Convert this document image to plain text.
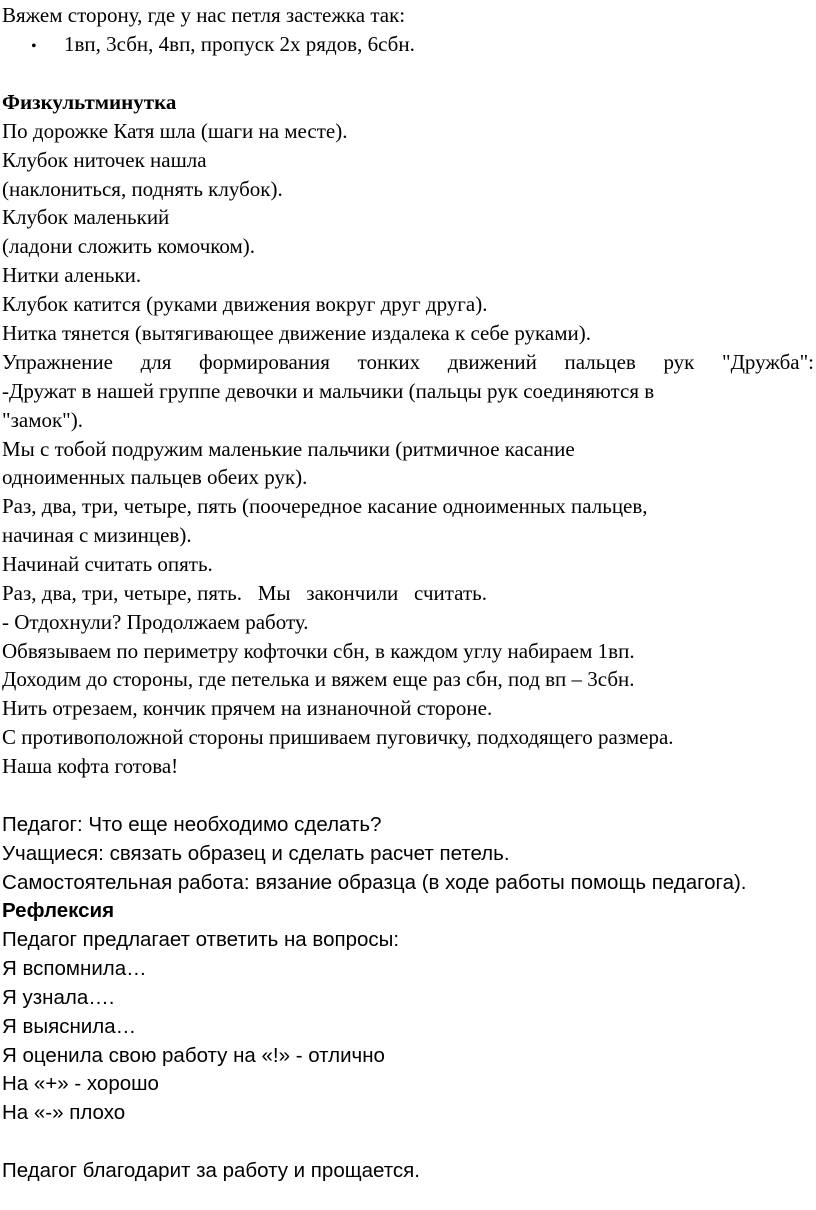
Вяжем сторону, где у нас петля застежка так:
• 1вп, 3сбн, 4вп, пропуск 2х рядов, 6сбн.
Физкультминутка
По дорожке Катя шла (шаги на месте).
Клубок ниточек нашла
(наклониться, поднять клубок).
Клубок маленький
(ладони сложить комочком).
Нитки аленьки.
Клубок катится (руками движения вокруг друг друга).
Нитка тянется (вытягивающее движение издалека к себе руками).
Упражнение для формирования тонких движений пальцев рук "Дружба":
-Дружат в нашей группе девочки и мальчики (пальцы рук соединяются в
"замок").
Мы с тобой подружим маленькие пальчики (ритмичное касание
одноименных пальцев обеих рук).
Раз, два, три, четыре, пять (поочередное касание одноименных пальцев,
начиная с мизинцев).
Начинай считать опять.
Раз, два, три, четыре, пять.   Мы   закончили   считать.
- Отдохнули? Продолжаем работу.
Обвязываем по периметру кофточки сбн, в каждом углу набираем 1вп.
Доходим до стороны, где петелька и вяжем еще раз сбн, под вп – 3сбн.
Нить отрезаем, кончик прячем на изнаночной стороне.
С противоположной стороны пришиваем пуговичку, подходящего размера.
Наша кофта готова!
Педагог: Что еще необходимо сделать?
Учащиеся: связать образец и сделать расчет петель.
Самостоятельная работа: вязание образца (в ходе работы помощь педагога).
Рефлексия
Педагог предлагает ответить на вопросы:
Я вспомнила…
Я узнала….
Я выяснила…
Я оценила свою работу на «!» - отлично
На «+» - хорошо
На «-» плохо
Педагог благодарит за работу и прощается.
